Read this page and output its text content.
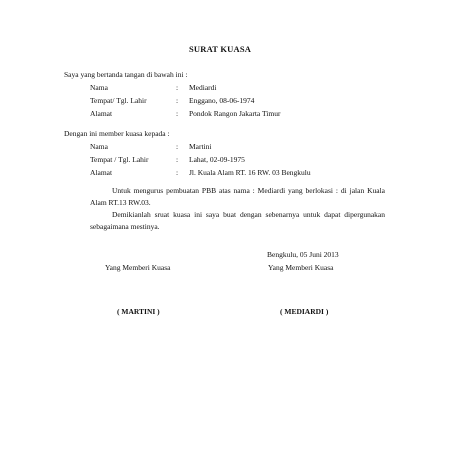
SURAT KUASA
Saya yang bertanda tangan di bawah ini :
Nama	: Mediardi
Tempat/ Tgl. Lahir	: Enggano, 08-06-1974
Alamat	: Pondok Rangon Jakarta Timur
Dengan ini member kuasa kepada :
Nama	: Martini
Tempat / Tgl. Lahir	: Lahat, 02-09-1975
Alamat	: Jl. Kuala Alam RT. 16 RW. 03 Bengkulu
Untuk mengurus pembuatan PBB atas nama : Mediardi yang berlokasi : di jalan Kuala Alam RT.13 RW.03.
Demikianlah sruat kuasa ini saya buat dengan sebenarnya untuk dapat dipergunakan sebagaimana mestinya.
Bengkulu, 05 Juni 2013
Yang Memberi Kuasa	Yang Memberi Kuasa
( MARTINI )	( MEDIARDI )
